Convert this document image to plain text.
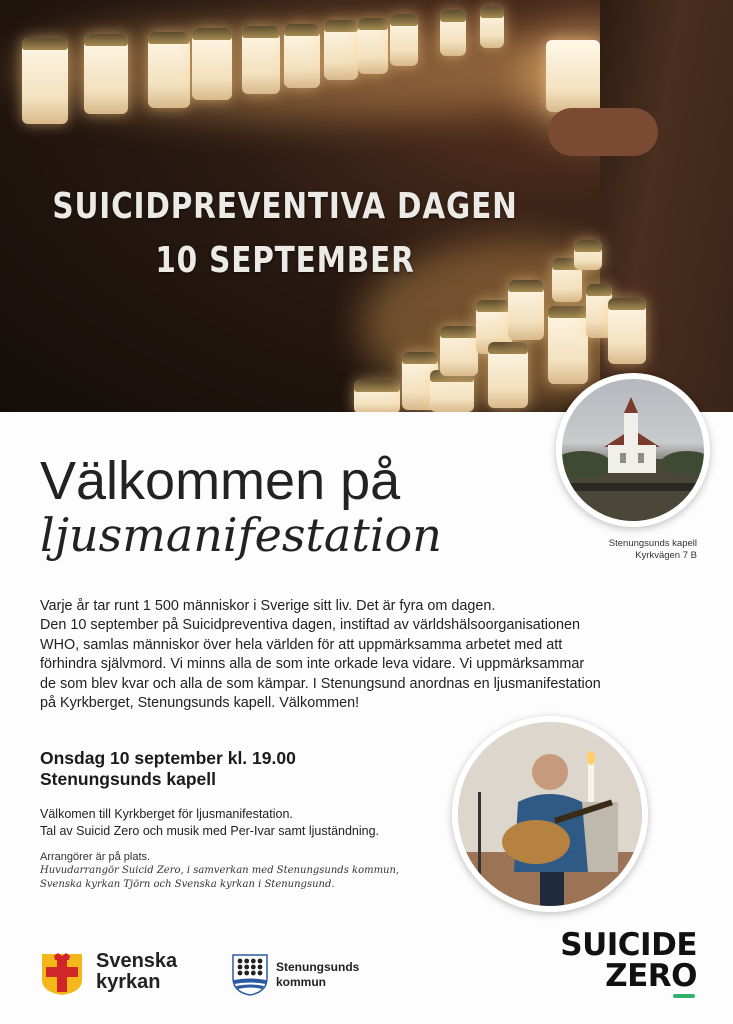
SUICIDPREVENTIVA DAGEN
10 SEPTEMBER
Stenungsunds kapell
Kyrkvägen 7 B
Välkommen på
ljusmanifestation
Varje år tar runt 1 500 människor i Sverige sitt liv. Det är fyra om dagen.
Den 10 september på Suicidpreventiva dagen, instiftad av världshälsoorganisationen
WHO, samlas människor över hela världen för att uppmärksamma arbetet med att
förhindra självmord. Vi minns alla de som inte orkade leva vidare. Vi uppmärksammar
de som blev kvar och alla de som kämpar. I Stenungsund anordnas en ljusmanifestation
på Kyrkberget, Stenungsunds kapell. Välkommen!
Onsdag 10 september kl. 19.00
Stenungsunds kapell
Välkomen till Kyrkberget för ljusmanifestation.
Tal av Suicid Zero och musik med Per-Ivar samt ljuständning.
Arrangörer är på plats.
Huvudarrangör Suicid Zero, i samverkan med Stenungsunds kommun,
Svenska kyrkan Tjörn och Svenska kyrkan i Stenungsund.
Svenska
kyrkan
Stenungsunds
kommun
SUICIDE
ZERO
